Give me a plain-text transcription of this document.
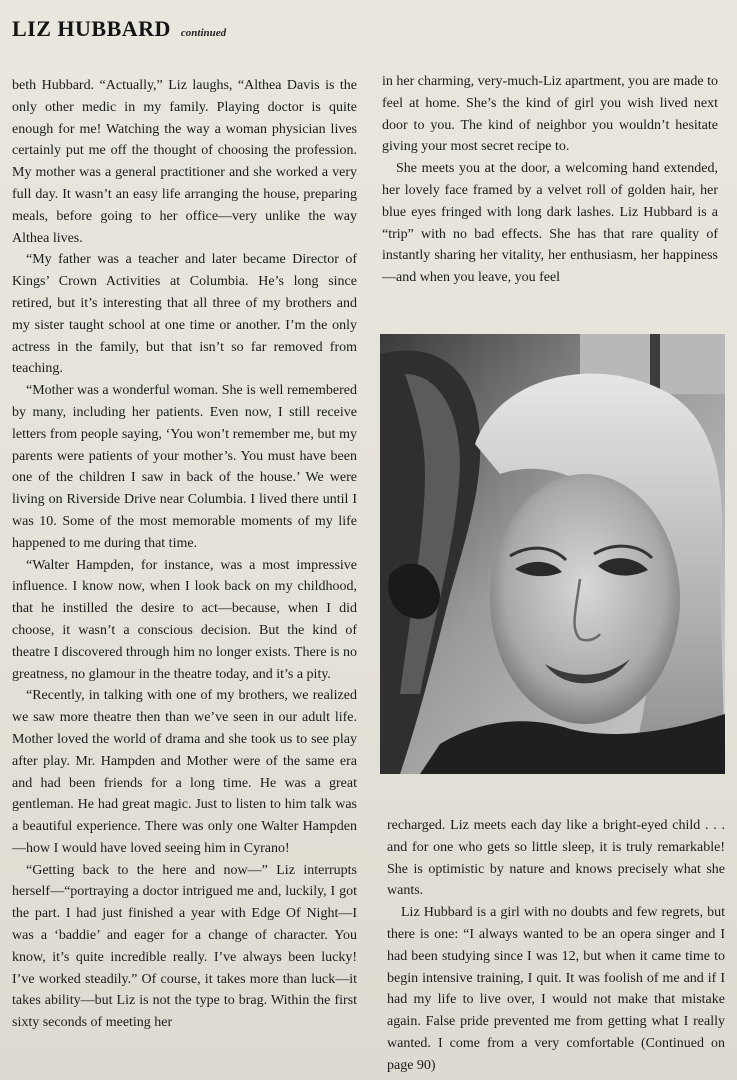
LIZ HUBBARD continued

beth Hubbard. “Actually,” Liz laughs, “Althea Davis is the only other medic in my family. Playing doctor is quite enough for me! Watching the way a woman physician lives certainly put me off the thought of choosing the profession. My mother was a general practitioner and she worked a very full day. It wasn’t an easy life arranging the house, preparing meals, before going to her office—very unlike the way Althea lives.

“My father was a teacher and later became Director of Kings’ Crown Activities at Columbia. He’s long since retired, but it’s interesting that all three of my brothers and my sister taught school at one time or another. I’m the only actress in the family, but that isn’t so far removed from teaching.

“Mother was a wonderful woman. She is well remembered by many, including her patients. Even now, I still receive letters from people saying, ‘You won’t remember me, but my parents were patients of your mother’s. You must have been one of the children I saw in back of the house.’ We were living on Riverside Drive near Columbia. I lived there until I was 10. Some of the most memorable moments of my life happened to me during that time.

“Walter Hampden, for instance, was a most impressive influence. I know now, when I look back on my childhood, that he instilled the desire to act—because, when I did choose, it wasn’t a conscious decision. But the kind of theatre I discovered through him no longer exists. There is no greatness, no glamour in the theatre today, and it’s a pity.

“Recently, in talking with one of my brothers, we realized we saw more theatre then than we’ve seen in our adult life. Mother loved the world of drama and she took us to see play after play. Mr. Hampden and Mother were of the same era and had been friends for a long time. He was a great gentleman. He had great magic. Just to listen to him talk was a beautiful experience. There was only one Walter Hampden—how I would have loved seeing him in Cyrano!

“Getting back to the here and now—” Liz interrupts herself—“portraying a doctor intrigued me and, luckily, I got the part. I had just finished a year with Edge Of Night—I was a ‘baddie’ and eager for a change of character. You know, it’s quite incredible really. I’ve always been lucky! I’ve worked steadily.” Of course, it takes more than luck—it takes ability—but Liz is not the type to brag. Within the first sixty seconds of meeting her

in her charming, very-much-Liz apartment, you are made to feel at home. She’s the kind of girl you wish lived next door to you. The kind of neighbor you wouldn’t hesitate giving your most secret recipe to.

She meets you at the door, a welcoming hand extended, her lovely face framed by a velvet roll of golden hair, her blue eyes fringed with long dark lashes. Liz Hubbard is a “trip” with no bad effects. She has that rare quality of instantly sharing her vitality, her enthusiasm, her happiness—and when you leave, you feel

recharged. Liz meets each day like a bright-eyed child . . . and for one who gets so little sleep, it is truly remarkable! She is optimistic by nature and knows precisely what she wants.

Liz Hubbard is a girl with no doubts and few regrets, but there is one: “I always wanted to be an opera singer and I had been studying since I was 12, but when it came time to begin intensive training, I quit. It was foolish of me and if I had my life to live over, I would not make that mistake again. False pride prevented me from getting what I really wanted. I come from a very comfortable (Continued on page 90)
